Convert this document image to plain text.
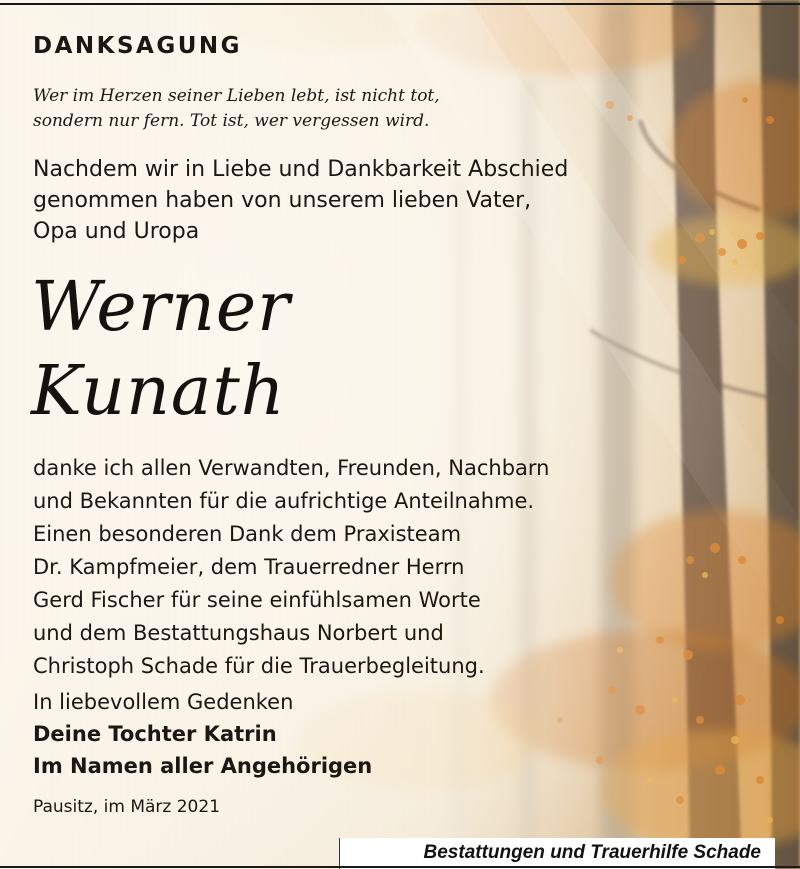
DANKSAGUNG

Wer im Herzen seiner Lieben lebt, ist nicht tot,
sondern nur fern. Tot ist, wer vergessen wird.

Nachdem wir in Liebe und Dankbarkeit Abschied
genommen haben von unserem lieben Vater,
Opa und Uropa

Werner
Kunath

danke ich allen Verwandten, Freunden, Nachbarn
und Bekannten für die aufrichtige Anteilnahme.
Einen besonderen Dank dem Praxisteam
Dr. Kampfmeier, dem Trauerredner Herrn
Gerd Fischer für seine einfühlsamen Worte
und dem Bestattungshaus Norbert und
Christoph Schade für die Trauerbegleitung.

In liebevollem Gedenken
Deine Tochter Katrin
Im Namen aller Angehörigen

Pausitz, im März 2021

Bestattungen und Trauerhilfe Schade
